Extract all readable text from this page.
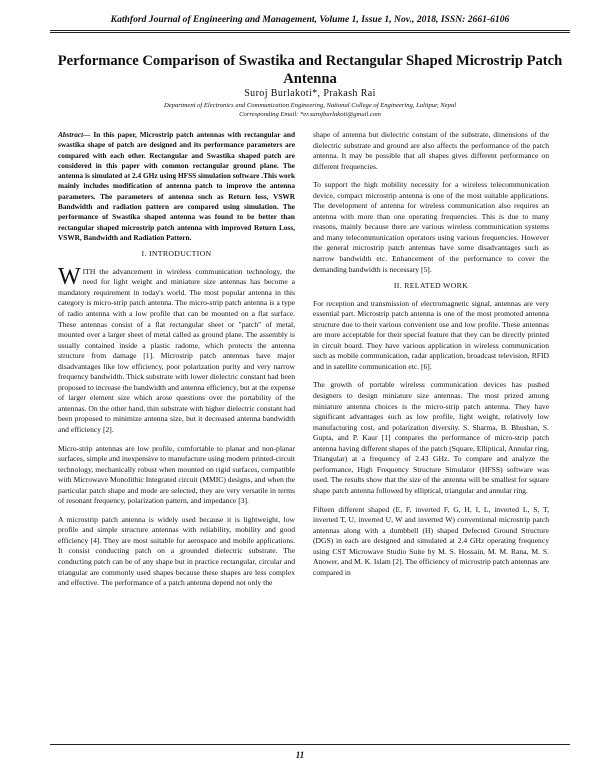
Kathford Journal of Engineering and Management, Volume 1, Issue 1, Nov., 2018, ISSN: 2661-6106
Performance Comparison of Swastika and Rectangular Shaped Microstrip Patch Antenna
Suroj Burlakoti*, Prakash Rai
Department of Electronics and Communication Engineering, National College of Engineering, Lalitpur, Nepal
Corresponding Email: *er.surojburlakoti@gmail.com

Abstract— In this paper, Microstrip patch antennas with rectangular and swastika shape of patch are designed and its performance parameters are compared with each other. Rectangular and Swastika shaped patch are considered in this paper with common rectangular ground plane. The antenna is simulated at 2.4 GHz using HFSS simulation software .This work mainly includes modification of antenna patch to improve the antenna parameters. The parameters of antenna such as Return loss, VSWR Bandwidth and radiation pattern are compared using simulation. The performance of Swastika shaped antenna was found to be better than rectangular shaped microstrip patch antenna with improved Return Loss, VSWR, Bandwidth and Radiation Pattern.

I. INTRODUCTION

WITH the advancement in wireless communication technology, the need for light weight and miniature size antennas has become a mandatory requirement in today's world. The most popular antenna in this category is micro-strip patch antenna. The micro-strip patch antenna is a type of radio antenna with a low profile that can be mounted on a flat surface. These antennas consist of a flat rectangular sheet or "patch" of metal, mounted over a larger sheet of metal called as ground plane. The assembly is usually contained inside a plastic radome, which protects the antenna structure from damage [1]. Microstrip patch antennas have major disadvantages like low efficiency, poor polarization purity and very narrow frequency bandwidth. Thick substrate with lower dielectric constant had been proposed to increase the bandwidth and antenna efficiency, but at the expense of larger element size which arose questions over the portability of the antennas. On the other hand, thin substrate with higher dielectric constant had been proposed to minimize antenna size, but it decreased antenna bandwidth and efficiency [2].

Micro-strip antennas are low profile, comfortable to planar and non-planar surfaces, simple and inexpensive to manufacture using modern printed-circuit technology, mechanically robust when mounted on rigid surfaces, compatible with Microwave Monolithic Integrated circuit (MMIC) designs, and when the particular patch shape and mode are selected, they are very versatile in terms of resonant frequency, polarization pattern, and impedance [3].

A microstrip patch antenna is widely used because it is lightweight, low profile and simple structure antennas with reliability, mobility and good efficiency [4]. They are most suitable for aerospace and mobile applications. It consist conducting patch on a grounded dielectric substrate. The conducting patch can be of any shape but in practice rectangular, circular and triangular are commonly used shapes because these shapes are less complex and effective. The performance of a patch antenna depend not only the

shape of antenna but dielectric constant of the substrate, dimensions of the dielectric substrate and ground are also affects the performance of the patch antenna. It may be possible that all shapes gives different performance on different frequencies.

To support the high mobility necessity for a wireless telecommunication device, compact microstrip antenna is one of the most suitable applications. The development of antenna for wireless communication also requires an antenna with more than one operating frequencies. This is due to many reasons, mainly because there are various wireless communication systems and many telecommunication operators using various frequencies. However the general microstrip patch antennas have some disadvantages such as narrow bandwidth etc. Enhancement of the performance to cover the demanding bandwidth is necessary [5].

II. RELATED WORK

For reception and transmission of electromagnetic signal, antennas are very essential part. Microstrip patch antenna is one of the most promoted antenna structure due to their various convenient use and low profile. These antennas are more acceptable for their special feature that they can be directly printed in circuit board. They have various application in wireless communication such as mobile communication, radar application, broadcast television, RFID and in satellite communication etc. [6].

The growth of portable wireless communication devices has pushed designers to design miniature size antennas. The most prized among miniature antenna choices is the micro-strip patch antenna. They have significant advantages such as low profile, light weight, relatively low manufacturing cost, and polarization diversity. S. Sharma, B. Bhushan, S. Gupta, and P. Kaur [1] compares the performance of micro-strip patch antenna having different shapes of the patch (Square, Elliptical, Annular ring, Triangular) at a frequency of 2.43 GHz. To compare and analyze the performance, High Frequency Structure Simulator (HFSS) software was used. The results show that the size of the antenna will be smallest for square shape patch antenna followed by elliptical, triangular and annular ring.

Fifteen different shaped (E, F, inverted F, G, H, I, L, inverted L, S, T, inverted T, U, inverted U, W and inverted W) conventional microstrip patch antennas along with a dumbbell (H) shaped Defected Ground Structure (DGS) in each are designed and simulated at 2.4 GHz operating frequency using CST Microwave Studio Suite by M. S. Hossain, M. M. Rana, M. S. Anower, and M. K. Islam [2]. The efficiency of microstrip patch antennas are compared in

11
